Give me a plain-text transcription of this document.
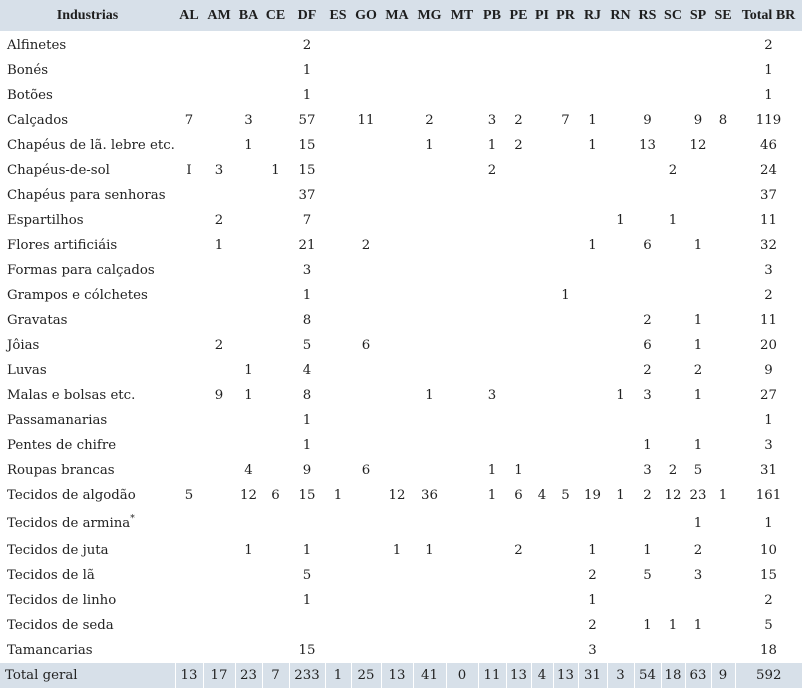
Industrias	AL	AM	BA	CE	DF	ES	GO	MA	MG	MT	PB	PE	PI	PR	RJ	RN	RS	SC	SP	SE	Total BR
Alfinetes					2																2
Bonés					1																1
Botões					1																1
Calçados	7		3		57		11		2		3	2		7	1		9		9	8	119
Chapéus de lã. lebre etc.			1		15				1		1	2			1		13		12		46
Chapéus-de-sol	I	3		1	15						2							2			24
Chapéus para senhoras					37																37
Espartilhos		2			7											1		1			11
Flores artificiáis		1			21		2								1		6		1		32
Formas para calçados					3																3
Grampos e cólchetes					1									1							2
Gravatas					8												2		1		11
Jôias		2			5		6										6		1		20
Luvas			1		4												2		2		9
Malas e bolsas etc.		9	1		8				1		3					1	3		1		27
Passamanarias					1																1
Pentes de chifre					1												1		1		3
Roupas brancas			4		9		6				1	1					3	2	5		31
Tecidos de algodão	5		12	6	15	1		12	36		1	6	4	5	19	1	2	12	23	1	161
Tecidos de armina*																			1		1
Tecidos de juta			1		1			1	1			2			1		1		2		10
Tecidos de lã					5										2		5		3		15
Tecidos de linho					1										1						2
Tecidos de seda															2		1	1	1		5
Tamancarias					15										3						18
Total geral	13	17	23	7	233	1	25	13	41	0	11	13	4	13	31	3	54	18	63	9	592
